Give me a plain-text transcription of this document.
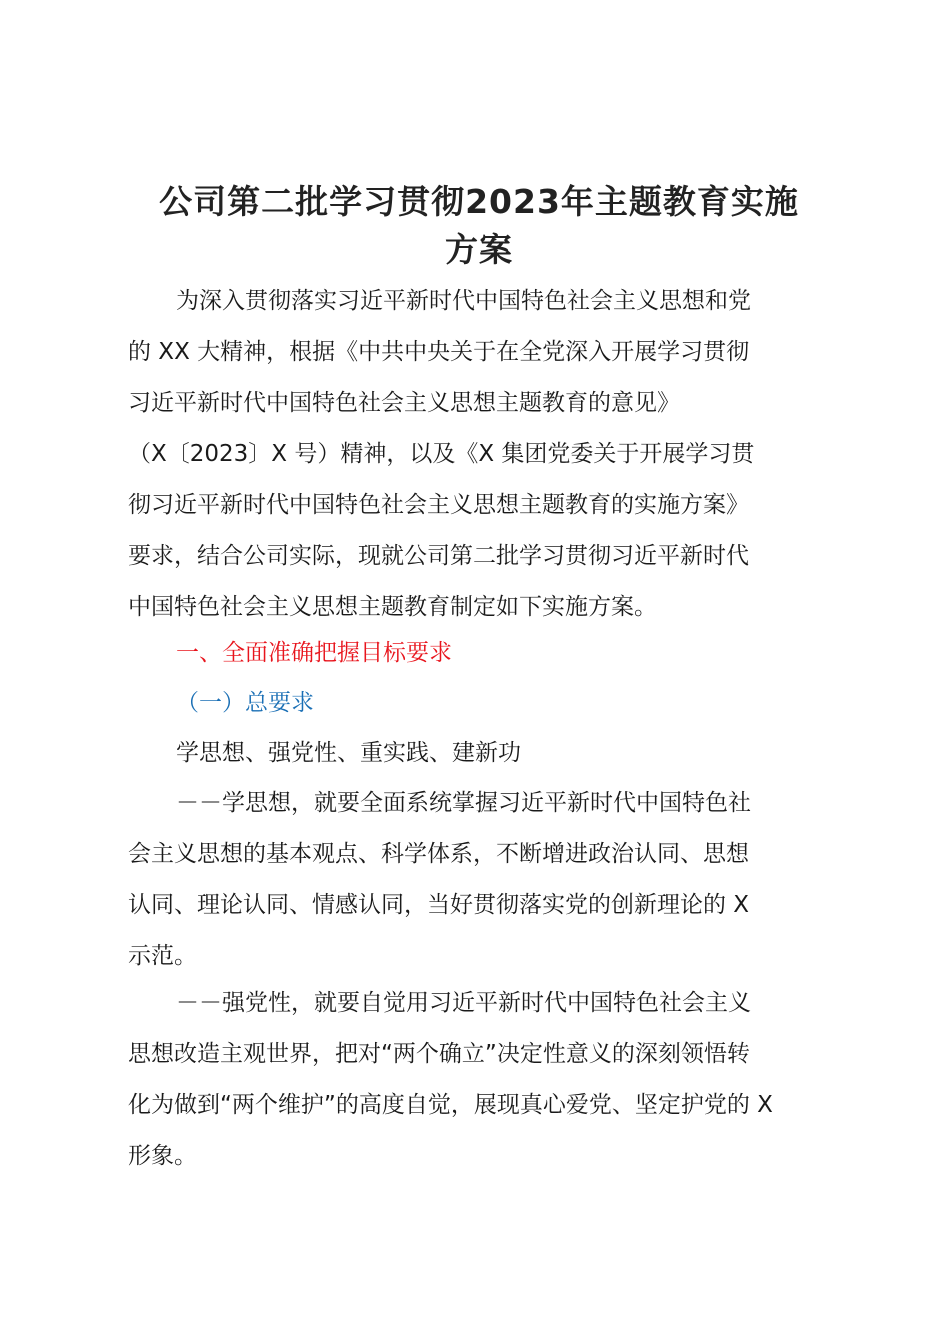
公司第二批学习贯彻2023年主题教育实施
方案
为深入贯彻落实习近平新时代中国特色社会主义思想和党
的 XX 大精神，根据《中共中央关于在全党深入开展学习贯彻
习近平新时代中国特色社会主义思想主题教育的意见》
（X〔2023〕X 号）精神，以及《X 集团党委关于开展学习贯
彻习近平新时代中国特色社会主义思想主题教育的实施方案》
要求，结合公司实际，现就公司第二批学习贯彻习近平新时代
中国特色社会主义思想主题教育制定如下实施方案。
一、全面准确把握目标要求
（一）总要求
学思想、强党性、重实践、建新功
－－学思想，就要全面系统掌握习近平新时代中国特色社
会主义思想的基本观点、科学体系，不断增进政治认同、思想
认同、理论认同、情感认同，当好贯彻落实党的创新理论的 X
示范。
－－强党性，就要自觉用习近平新时代中国特色社会主义
思想改造主观世界，把对“两个确立”决定性意义的深刻领悟转
化为做到“两个维护”的高度自觉，展现真心爱党、坚定护党的 X
形象。
